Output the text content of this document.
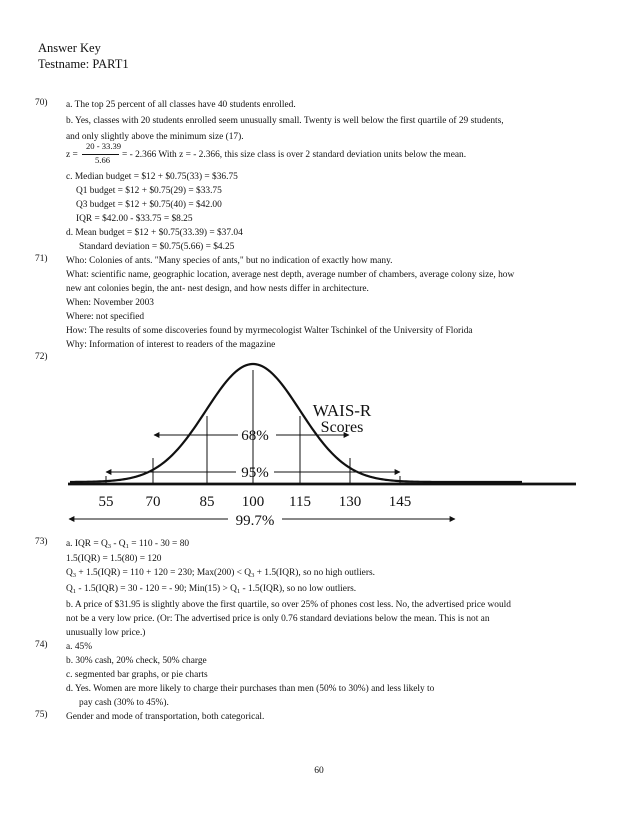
Answer Key
Testname: PART1
70) a. The top 25 percent of all classes have 40 students enrolled.
b. Yes, classes with 20 students enrolled seem unusually small. Twenty is well below the first quartile of 29 students,
and only slightly above the minimum size (17).
z =
20 - 33.39
5.66 = - 2.366 With z = - 2.366, this size class is over 2 standard deviation units below the mean.
c. Median budget = $12 + $0.75(33) = $36.75
Q1 budget = $12 + $0.75(29) = $33.75
Q3 budget = $12 + $0.75(40) = $42.00
IQR = $42.00 - $33.75 = $8.25
d. Mean budget = $12 + $0.75(33.39) = $37.04
Standard deviation = $0.75(5.66) = $4.25
71) Who: Colonies of ants. "Many species of ants," but no indication of exactly how many.
What: scientific name, geographic location, average nest depth, average number of chambers, average colony size, how
new ant colonies begin, the ant- nest design, and how nests differ in architecture.
When: November 2003
Where: not specified
How: The results of some discoveries found by myrmecologist Walter Tschinkel of the University of Florida
Why: Information of interest to readers of the magazine
72)
68%
95%
55 70	85 100 115 130 145
99.7%
WAIS-R
Scores
73) a. IQR = $Q_3 - Q_1 = 110 - 30 = 80$
1.5(IQR) = 1.5(80) = 120
$Q_3 + 1.5(IQR) = 110 + 120 = 230$; $Max(200) < Q_3 + 1.5(IQR)$, so no high outliers.
$Q_1 - 1.5(IQR) = 30 - 120$ = - 90; $Min(15) > Q_1 - 1.5(IQR)$, so no low outliers.
b. A price of $31.95 is slightly above the first quartile, so over 25% of phones cost less. No, the advertised price would
not be a very low price. (Or: The advertised price is only 0.76 standard deviations below the mean. This is not an
unusually low price.)
74) a. 45%
b. 30% cash, 20% check, 50% charge
c. segmented bar graphs, or pie charts
d. Yes. Women are more likely to charge their purchases than men (50% to 30%) and less likely to
pay cash (30% to 45%).
75) Gender and mode of transportation, both categorical.
60
